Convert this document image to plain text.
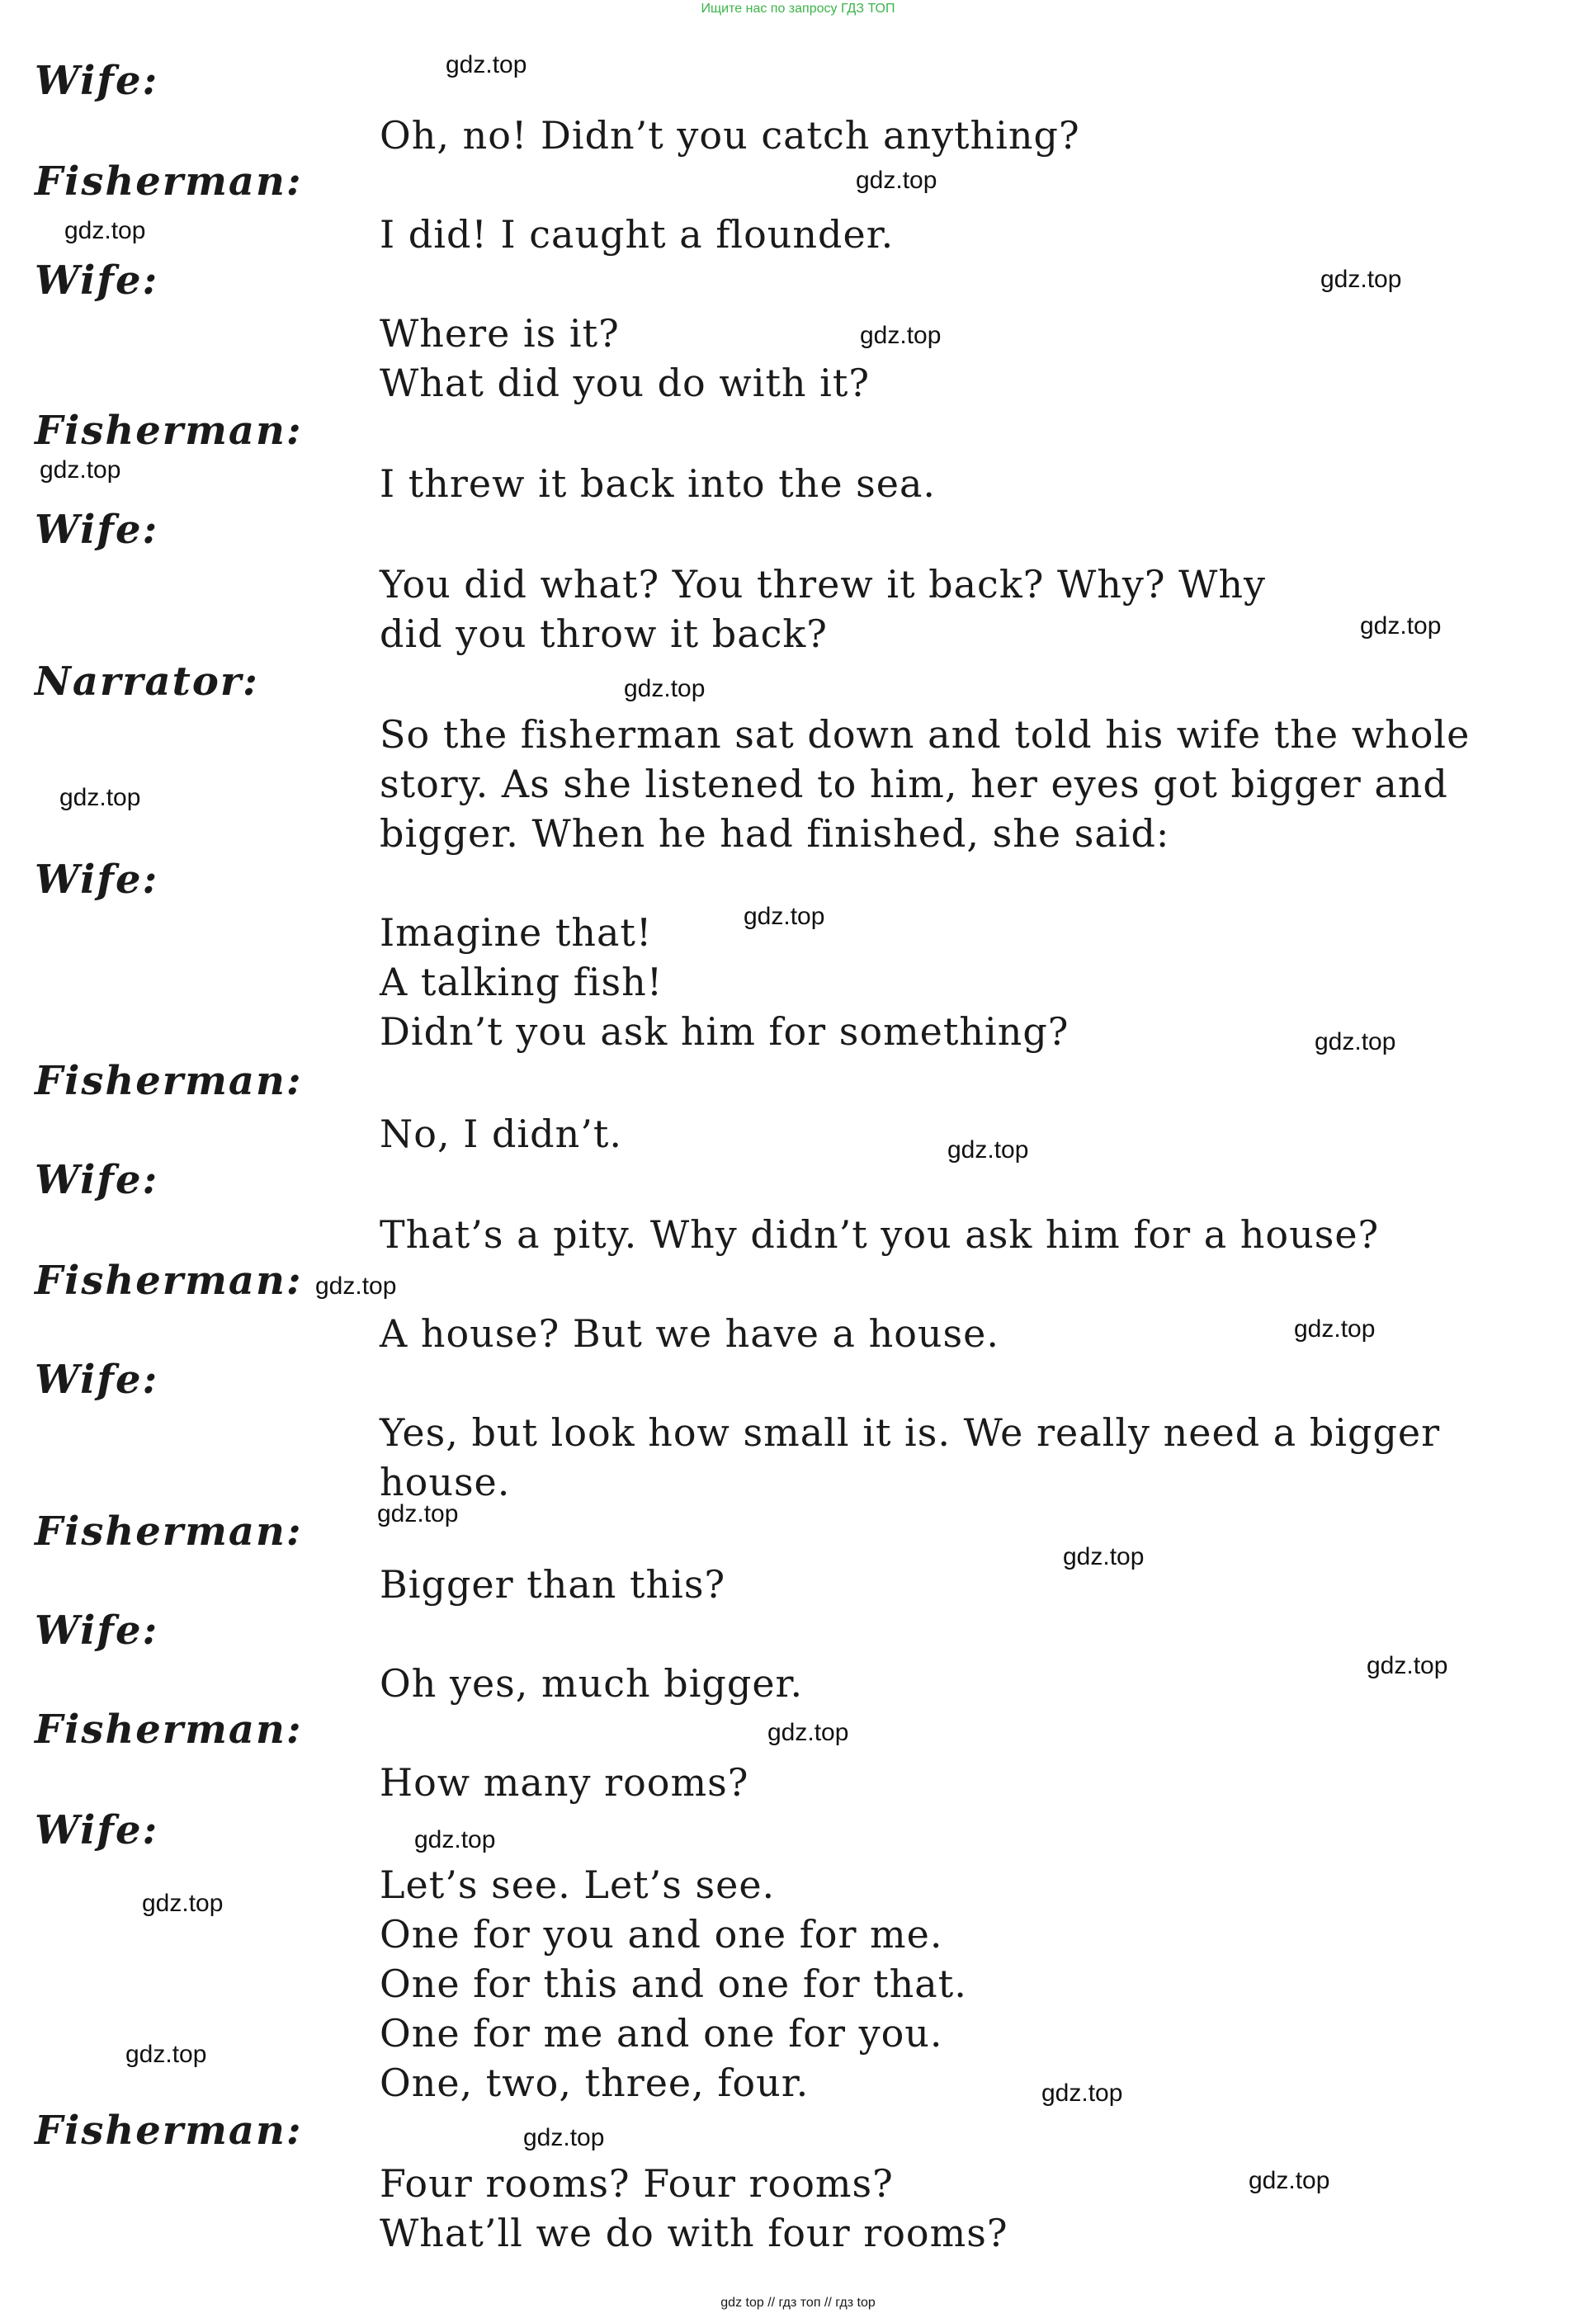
Ищите нас по запросу ГДЗ ТОП
Wife:
Oh, no! Didn’t you catch anything?
Fisherman:
I did! I caught a flounder.
Wife:
Where is it?
What did you do with it?
Fisherman:
I threw it back into the sea.
Wife:
You did what? You threw it back? Why? Why
did you throw it back?
Narrator:
So the fisherman sat down and told his wife the whole
story. As she listened to him, her eyes got bigger and
bigger. When he had finished, she said:
Wife:
Imagine that!
A talking fish!
Didn’t you ask him for something?
Fisherman:
No, I didn’t.
Wife:
That’s a pity. Why didn’t you ask him for a house?
Fisherman:
A house? But we have a house.
Wife:
Yes, but look how small it is. We really need a bigger
house.
Fisherman:
Bigger than this?
Wife:
Oh yes, much bigger.
Fisherman:
How many rooms?
Wife:
Let’s see. Let’s see.
One for you and one for me.
One for this and one for that.
One for me and one for you.
One, two, three, four.
Fisherman:
Four rooms? Four rooms?
What’ll we do with four rooms?
gdz.top
gdz.top
gdz.top
gdz.top
gdz.top
gdz.top
gdz.top
gdz.top
gdz.top
gdz.top
gdz.top
gdz.top
gdz.top
gdz.top
gdz.top
gdz.top
gdz.top
gdz.top
gdz.top
gdz.top
gdz.top
gdz.top
gdz.top
gdz.top
gdz top // гдз топ // гдз top
